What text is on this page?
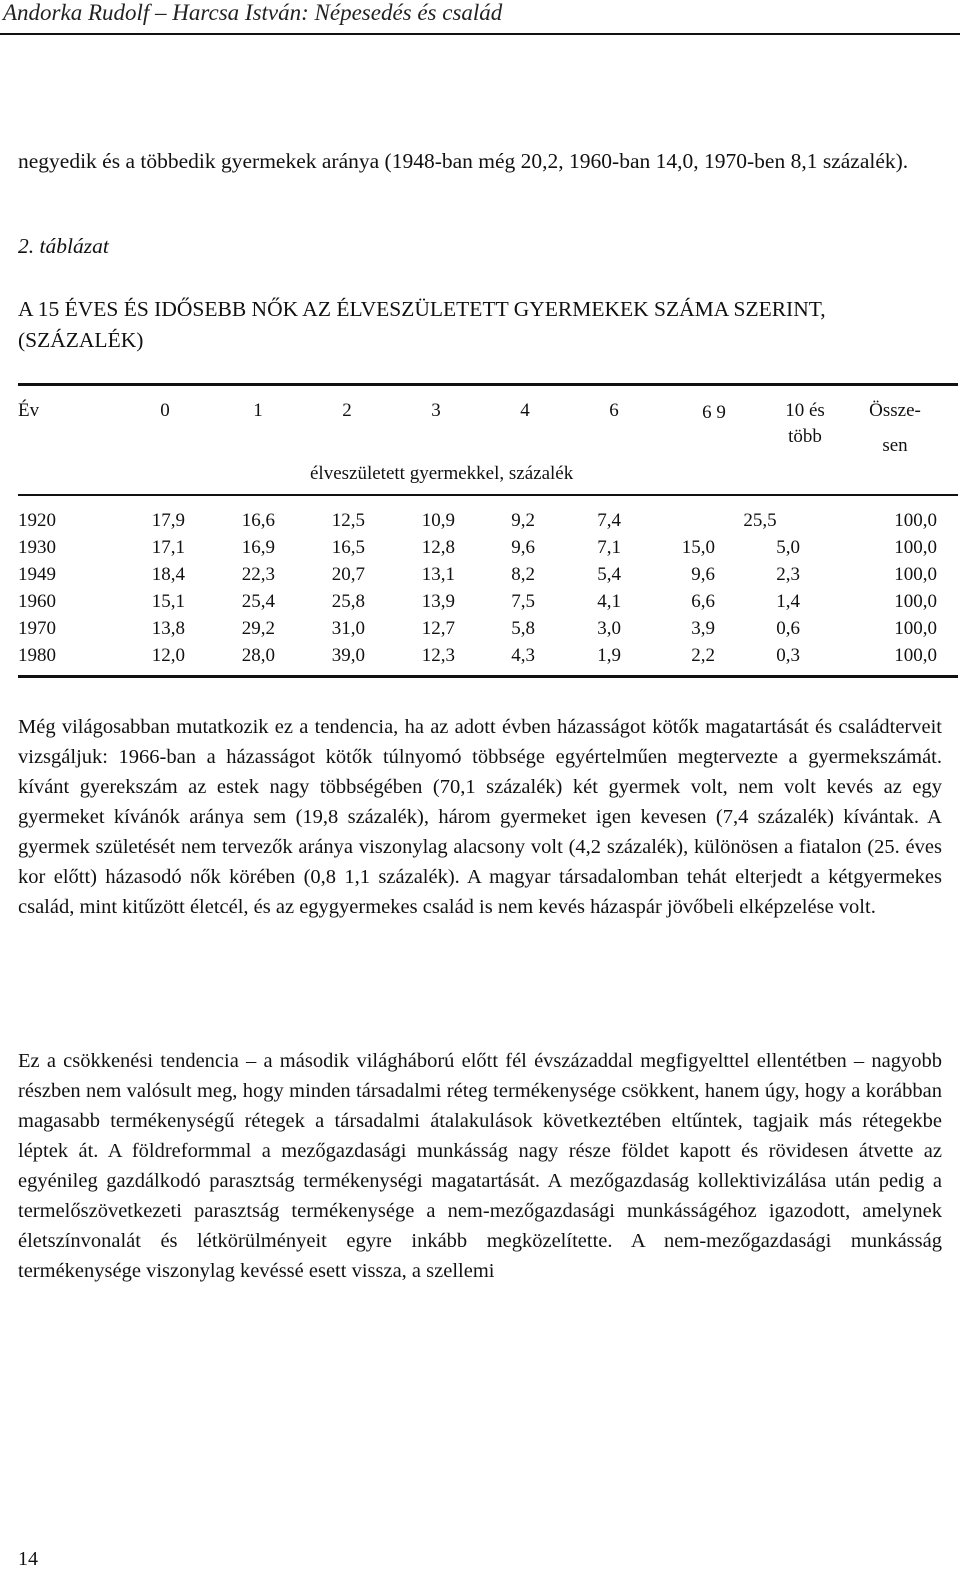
Andorka Rudolf – Harcsa István: Népesedés és család
negyedik és a többedik gyermekek aránya (1948-ban még 20,2, 1960-ban 14,0, 1970-ben 8,1 százalék).
2. táblázat
A 15 ÉVES ÉS IDŐSEBB NŐK AZ ÉLVESZÜLETETT GYERMEKEK SZÁMA SZERINT, (SZÁZALÉK)
Év	0	1	2	3	4	6	6 9	10 és
több
Össze-
sen
élveszületett gyermekkel, százalék
1920	17,9	16,6	12,5	10,9	9,2	7,4	25,5	100,0
1930	17,1	16,9	16,5	12,8	9,6	7,1	15,0	5,0	100,0
1949	18,4	22,3	20,7	13,1	8,2	5,4	9,6	2,3	100,0
1960	15,1	25,4	25,8	13,9	7,5	4,1	6,6	1,4	100,0
1970	13,8	29,2	31,0	12,7	5,8	3,0	3,9	0,6	100,0
1980	12,0	28,0	39,0	12,3	4,3	1,9	2,2	0,3	100,0
Még világosabban mutatkozik ez a tendencia, ha az adott évben házasságot kötők magatartását és családterveit vizsgáljuk: 1966-ban a házasságot kötők túlnyomó többsége egyértelműen megtervezte a gyermekszámát. kívánt gyerekszám az estek nagy többségében (70,1 százalék) két gyermek volt, nem volt kevés az egy gyermeket kívánók aránya sem (19,8 százalék), három gyermeket igen kevesen (7,4 százalék) kívántak. A gyermek születését nem tervezők aránya viszonylag alacsony volt (4,2 százalék), különösen a fiatalon (25. éves kor előtt) házasodó nők körében (0,8 1,1 százalék). A magyar társadalomban tehát elterjedt a kétgyermekes család, mint kitűzött életcél, és az egygyermekes család is nem kevés házaspár jövőbeli elképzelése volt.
Ez a csökkenési tendencia – a második világháború előtt fél évszázaddal megfigyelttel ellentétben – nagyobb részben nem valósult meg, hogy minden társadalmi réteg termékenysége csökkent, hanem úgy, hogy a korábban magasabb termékenységű rétegek a társadalmi átalakulások következtében eltűntek, tagjaik más rétegekbe léptek át. A földreformmal a mezőgazdasági munkásság nagy része földet kapott és rövidesen átvette az egyénileg gazdálkodó parasztság termékenységi magatartását. A mezőgazdaság kollektivizálása után pedig a termelőszövetkezeti parasztság termékenysége a nem-mezőgazdasági munkásságéhoz igazodott, amelynek életszínvonalát és létkörülményeit egyre inkább megközelítette. A nem-mezőgazdasági munkásság termékenysége viszonylag kevéssé esett vissza, a szellemi
14
